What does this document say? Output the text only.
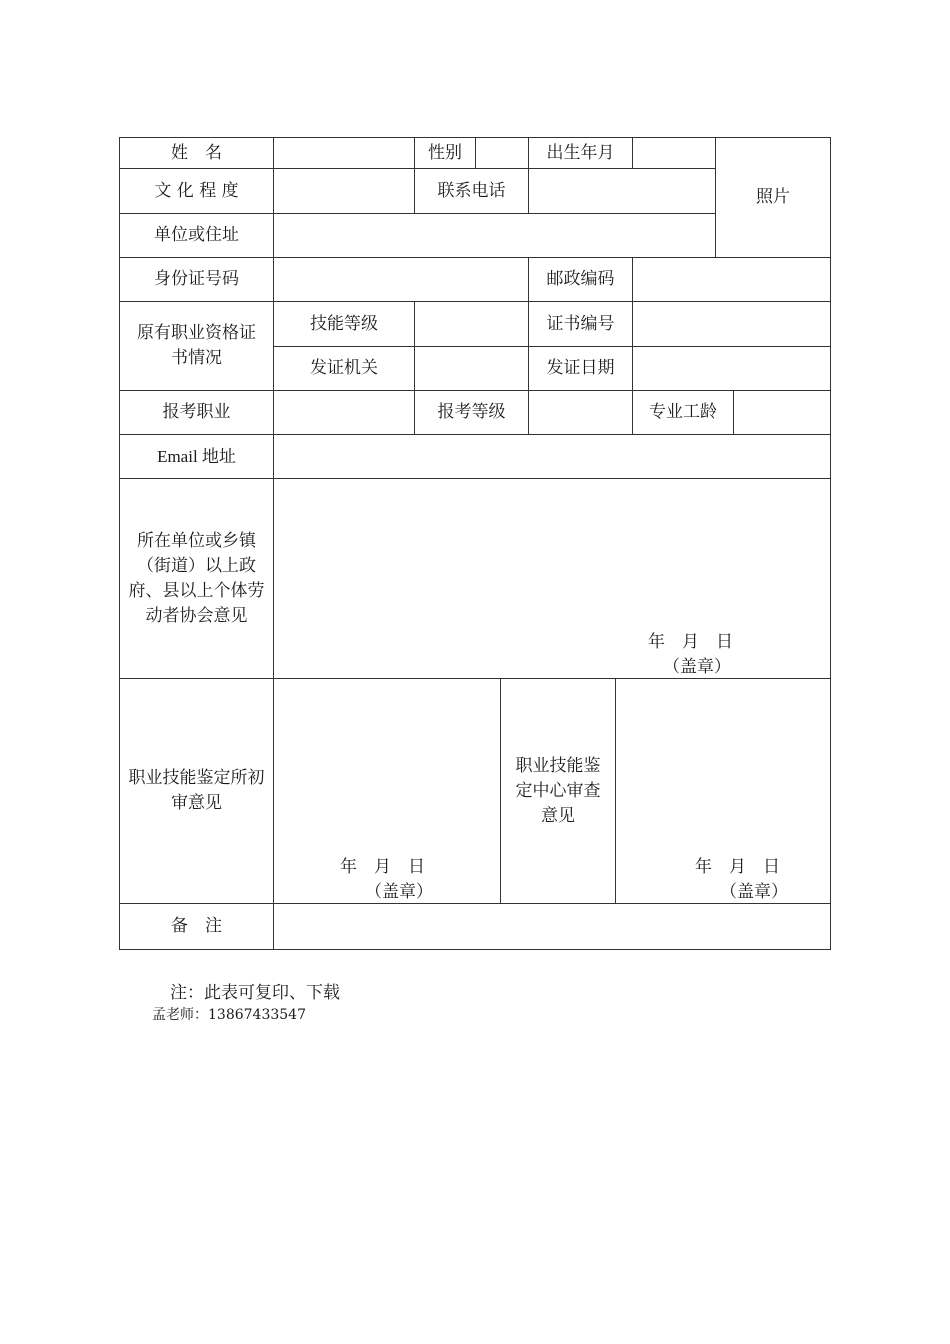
姓　名	性别	出生年月
照片
文 化 程 度	联系电话
单位或住址
身份证号码	邮政编码
原有职业资格证书情况
技能等级	证书编号
发证机关	发证日期
报考职业	报考等级	专业工龄
Email 地址
所在单位或乡镇（街道）以上政府、县以上个体劳动者协会意见
年　月　日
（盖章）
职业技能鉴定所初审意见
年　月　日
（盖章）
职业技能鉴定中心审查意见
年　月　日
（盖章）
备　注
注：此表可复印、下载
孟老师：13867433547
